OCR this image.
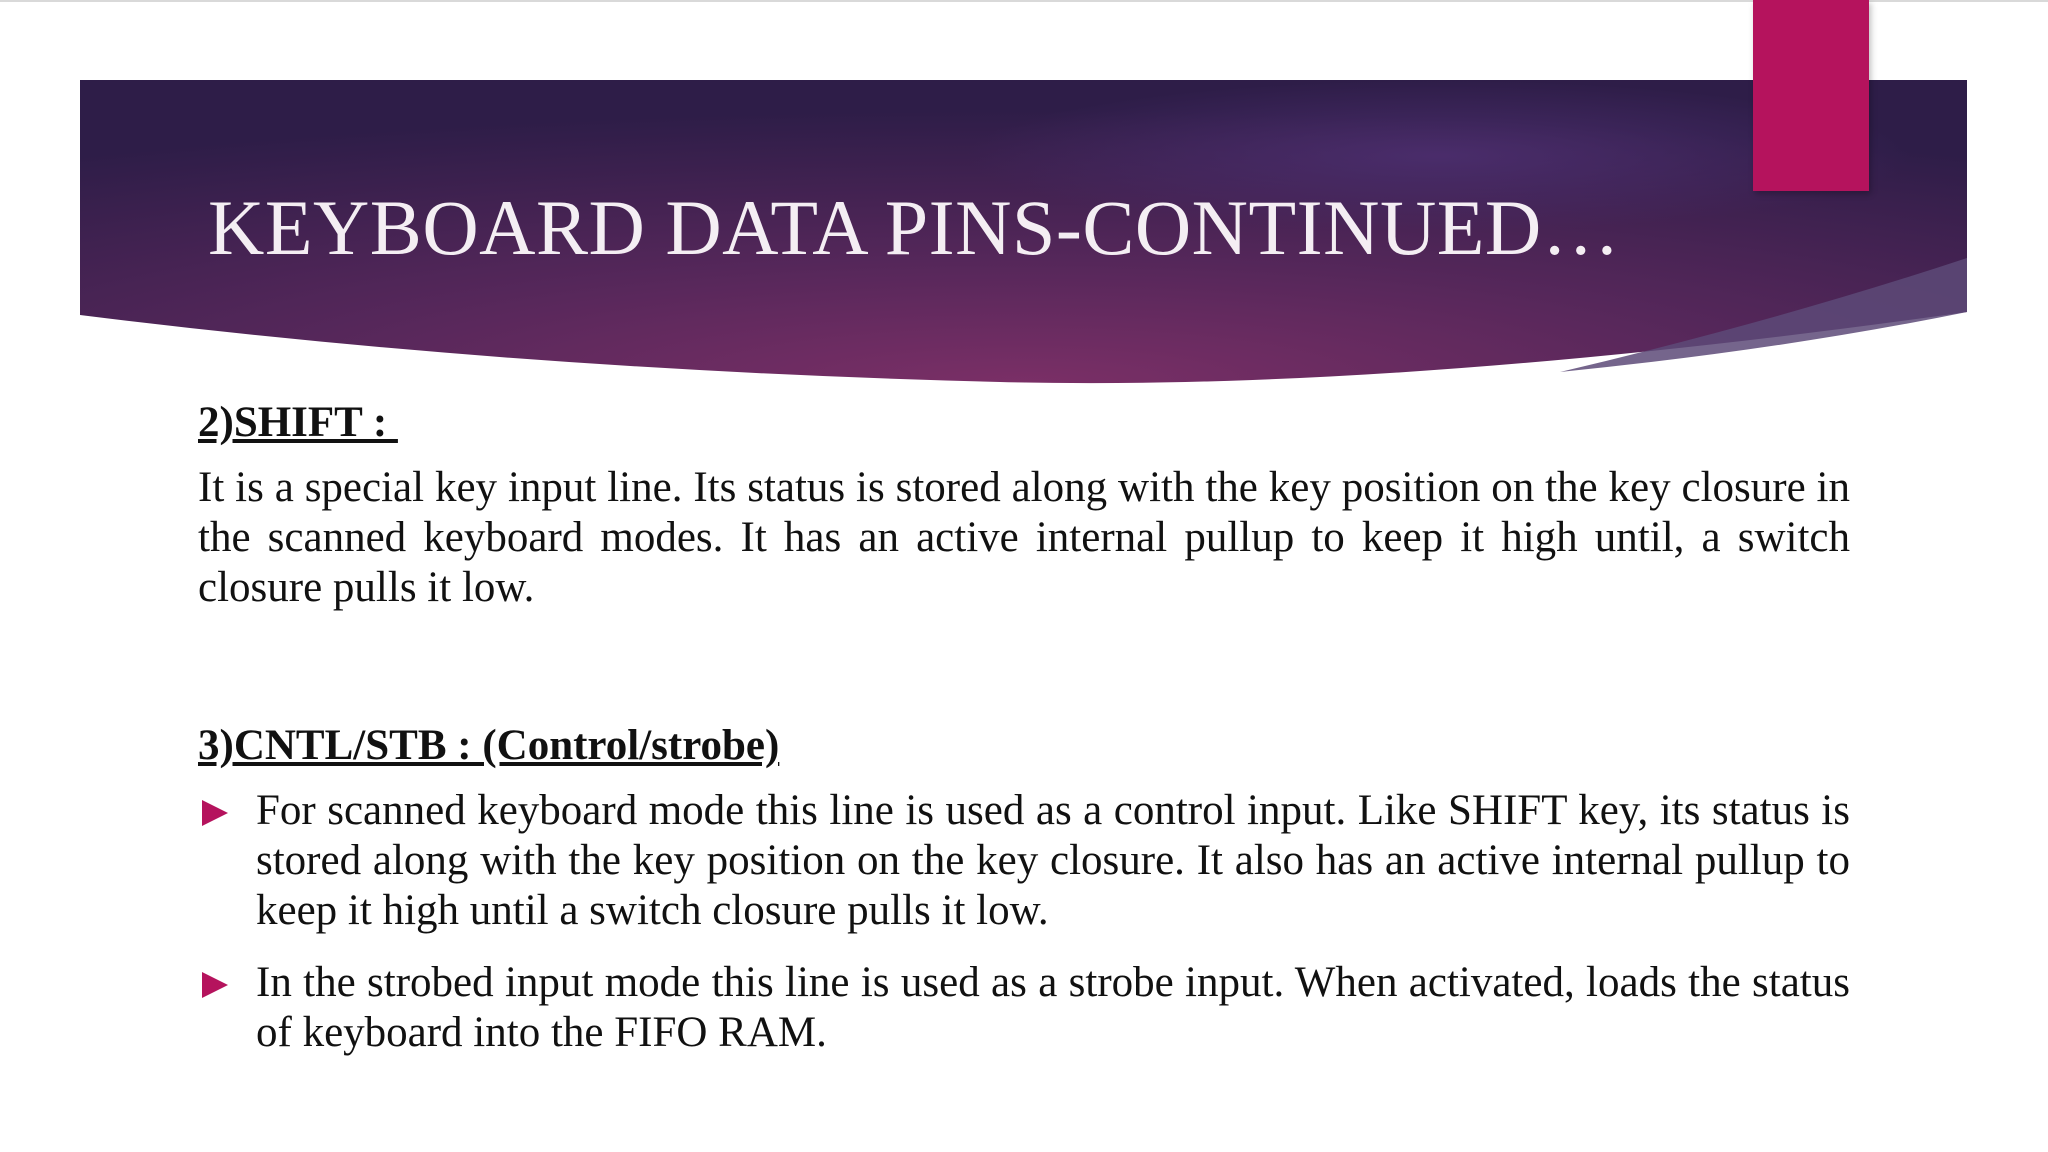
KEYBOARD DATA PINS-CONTINUED…

2)SHIFT :

It is a special key input line. Its status is stored along with the key position on the key closure in the scanned keyboard modes. It has an active internal pullup to keep it high until, a switch closure pulls it low.

3)CNTL/STB : (Control/strobe)

For scanned keyboard mode this line is used as a control input. Like SHIFT key, its status is stored along with the key position on the key closure. It also has an active internal pullup to keep it high until a switch closure pulls it low.
In the strobed input mode this line is used as a strobe input. When activated, loads the status of keyboard into the FIFO RAM.
